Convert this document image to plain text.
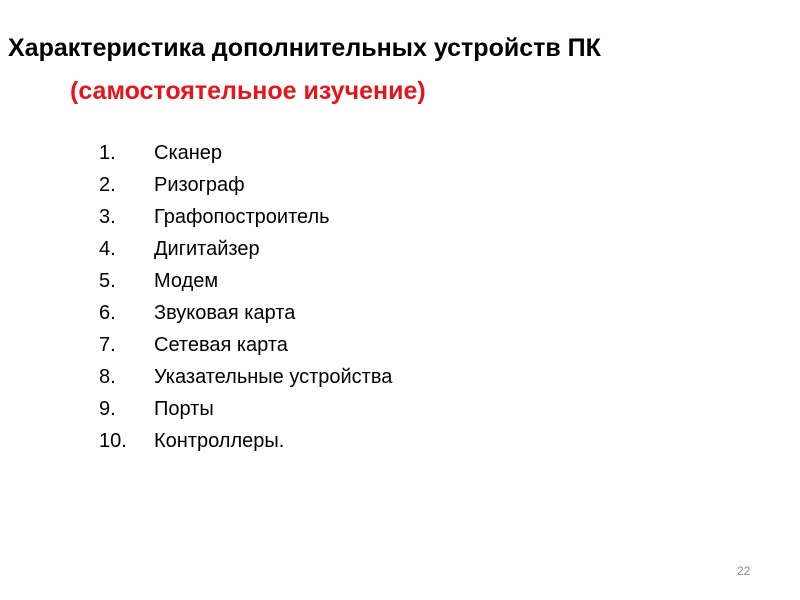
Характеристика дополнительных устройств ПК
(самостоятельное изучение)
1. Сканер
2. Ризограф
3. Графопостроитель
4. Дигитайзер
5. Модем
6. Звуковая карта
7. Сетевая карта
8. Указательные устройства
9. Порты
10. Контроллеры.
22
